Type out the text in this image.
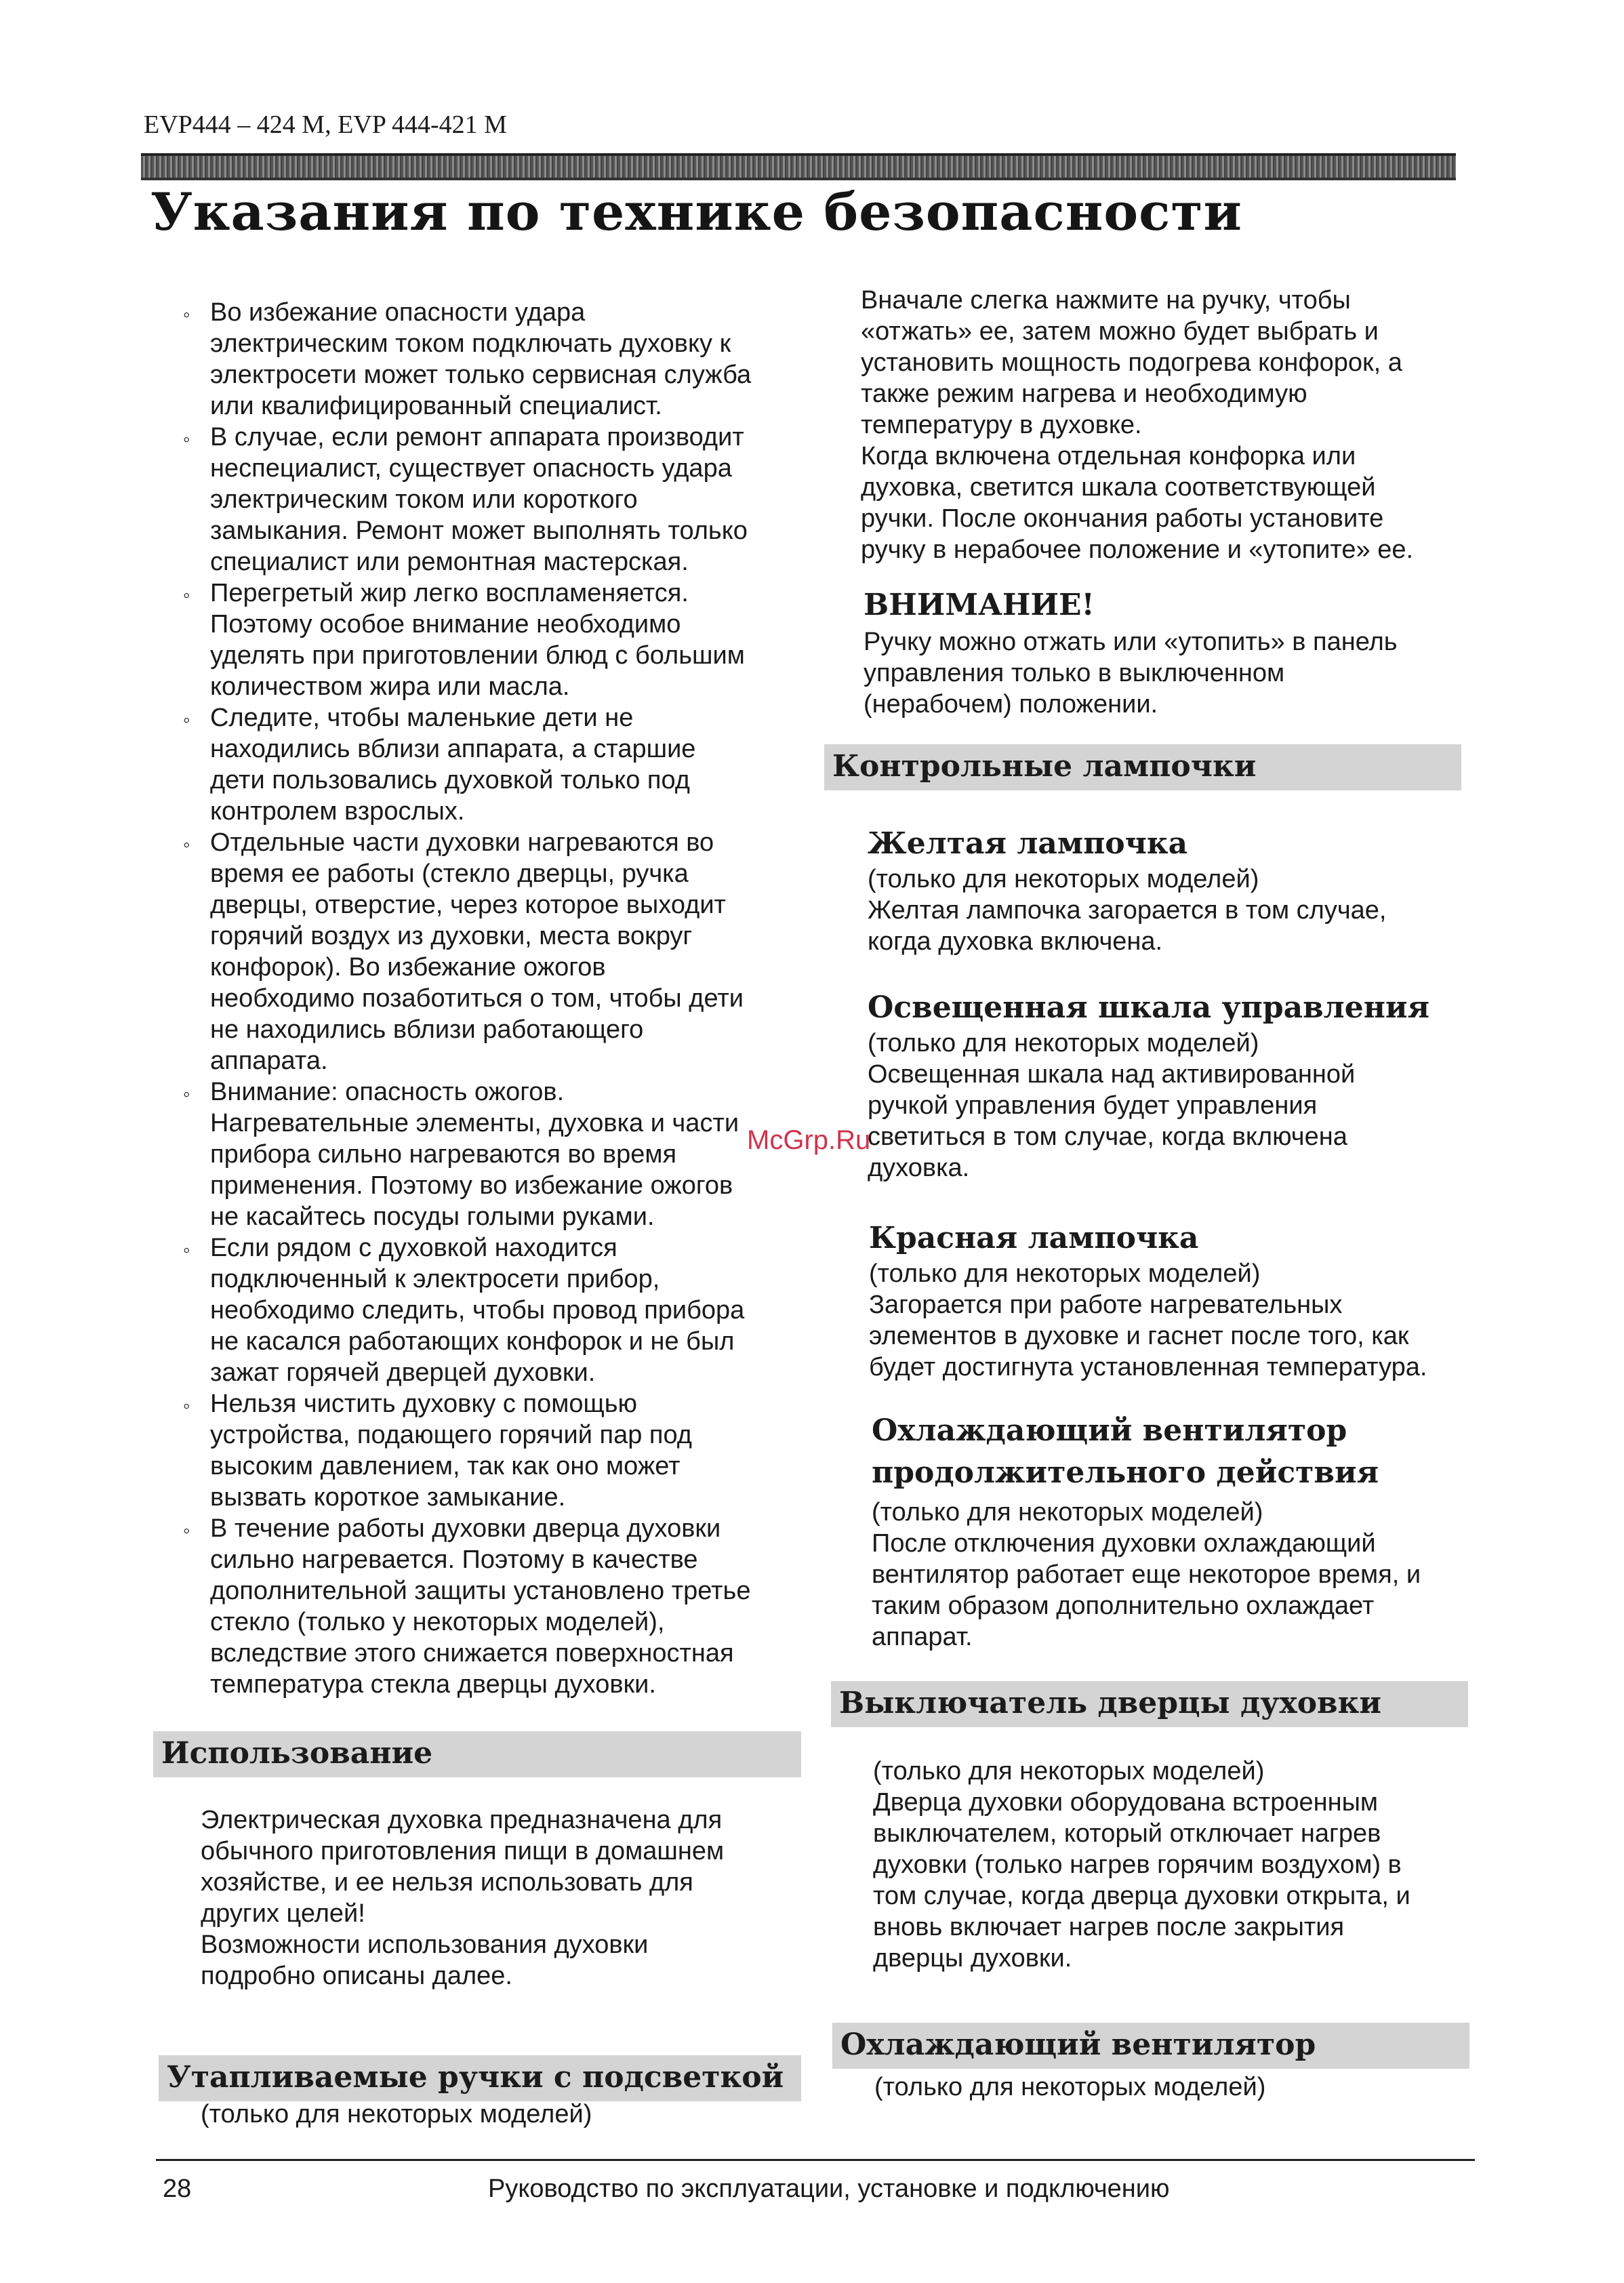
EVP444 – 424 M, EVP 444-421 M
Указания по технике безопасности
◦ Во избежание опасности удара
электрическим током подключать духовку к
электросети может только сервисная служба
или квалифицированный специалист.
◦ В случае, если ремонт аппарата производит
неспециалист, существует опасность удара
электрическим током или короткого
замыкания. Ремонт может выполнять только
специалист или ремонтная мастерская.
◦ Перегретый жир легко воспламеняется.
Поэтому особое внимание необходимо
уделять при приготовлении блюд с большим
количеством жира или масла.
◦ Следите, чтобы маленькие дети не
находились вблизи аппарата, а старшие
дети пользовались духовкой только под
контролем взрослых.
◦ Отдельные части духовки нагреваются во
время ее работы (стекло дверцы, ручка
дверцы, отверстие, через которое выходит
горячий воздух из духовки, места вокруг
конфорок). Во избежание ожогов
необходимо позаботиться о том, чтобы дети
не находились вблизи работающего
аппарата.
◦ Внимание: опасность ожогов.
Нагревательные элементы, духовка и части
прибора сильно нагреваются во время
применения. Поэтому во избежание ожогов
не касайтесь посуды голыми руками.
◦ Если рядом с духовкой находится
подключенный к электросети прибор,
необходимо следить, чтобы провод прибора
не касался работающих конфорок и не был
зажат горячей дверцей духовки.
◦ Нельзя чистить духовку с помощью
устройства, подающего горячий пар под
высоким давлением, так как оно может
вызвать короткое замыкание.
◦ В течение работы духовки дверца духовки
сильно нагревается. Поэтому в качестве
дополнительной защиты установлено третье
стекло (только у некоторых моделей),
вследствие этого снижается поверхностная
температура стекла дверцы духовки.
Использование
Электрическая духовка предназначена для
обычного приготовления пищи в домашнем
хозяйстве, и ее нельзя использовать для
других целей!
Возможности использования духовки
подробно описаны далее.
Утапливаемые ручки с подсветкой
(только для некоторых моделей)
Вначале слегка нажмите на ручку, чтобы
«отжать» ее, затем можно будет выбрать и
установить мощность подогрева конфорок, а
также режим нагрева и необходимую
температуру в духовке.
Когда включена отдельная конфорка или
духовка, светится шкала соответствующей
ручки. После окончания работы установите
ручку в нерабочее положение и «утопите» ее.
ВНИМАНИЕ!
Ручку можно отжать или «утопить» в панель
управления только в выключенном
(нерабочем) положении.
Контрольные лампочки
Желтая лампочка
(только для некоторых моделей)
Желтая лампочка загорается в том случае,
когда духовка включена.
Освещенная шкала управления
(только для некоторых моделей)
Освещенная шкала над активированной
ручкой управления будет управления
светиться в том случае, когда включена
духовка.
Красная лампочка
(только для некоторых моделей)
Загорается при работе нагревательных
элементов в духовке и гаснет после того, как
будет достигнута установленная температура.
Охлаждающий вентилятор
продолжительного действия
(только для некоторых моделей)
После отключения духовки охлаждающий
вентилятор работает еще некоторое время, и
таким образом дополнительно охлаждает
аппарат.
Выключатель дверцы духовки
(только для некоторых моделей)
Дверца духовки оборудована встроенным
выключателем, который отключает нагрев
духовки (только нагрев горячим воздухом) в
том случае, когда дверца духовки открыта, и
вновь включает нагрев после закрытия
дверцы духовки.
Охлаждающий вентилятор
(только для некоторых моделей)
McGrp.Ru
28	Руководство по эксплуатации, установке и подключению
